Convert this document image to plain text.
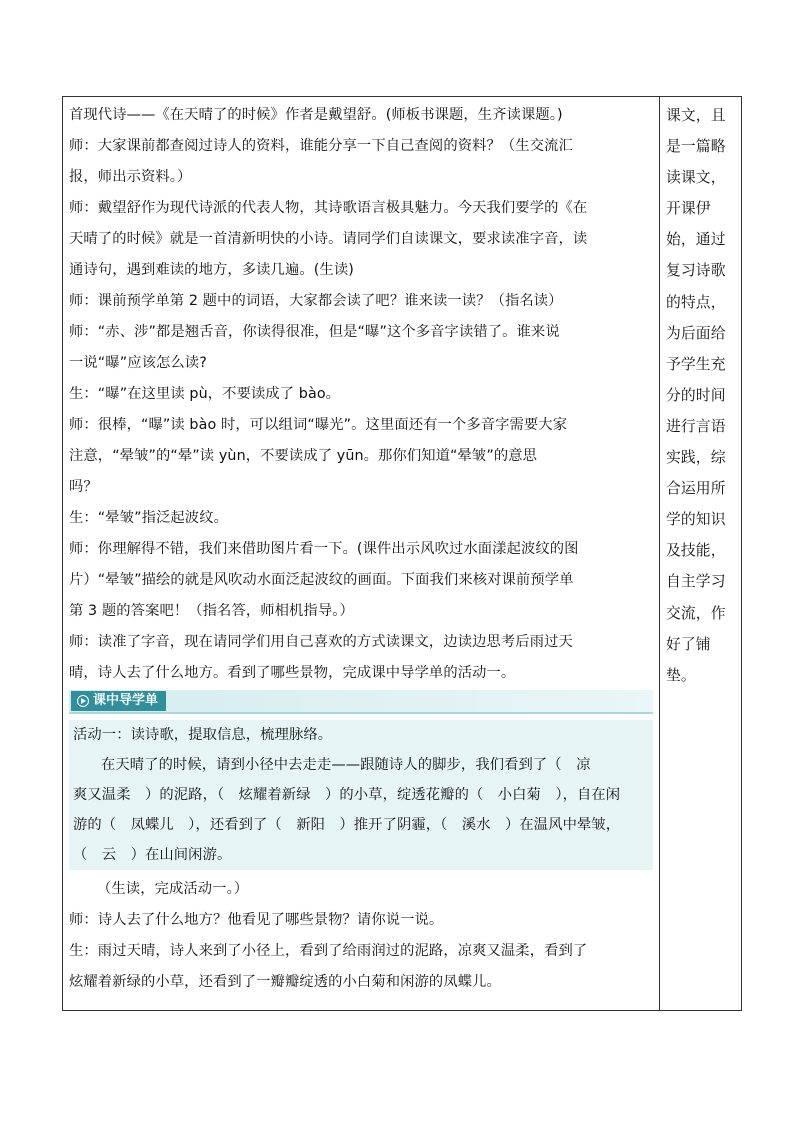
首现代诗——《在天晴了的时候》作者是戴望舒。(师板书课题，生齐读课题。)
师：大家课前都查阅过诗人的资料，谁能分享一下自己查阅的资料？（生交流汇
报，师出示资料。）
师：戴望舒作为现代诗派的代表人物，其诗歌语言极具魅力。今天我们要学的《在
天晴了的时候》就是一首清新明快的小诗。请同学们自读课文，要求读准字音，读
通诗句，遇到难读的地方，多读几遍。(生读)
师：课前预学单第 2 题中的词语，大家都会读了吧？谁来读一读？（指名读）
师：“赤、涉”都是翘舌音，你读得很准，但是“曝”这个多音字读错了。谁来说
一说“曝”应该怎么读?
生：“曝”在这里读 pù，不要读成了 bào。
师：很棒，“曝”读 bào 时，可以组词“曝光”。这里面还有一个多音字需要大家
注意，“晕皱”的“晕”读 yùn，不要读成了 yūn。那你们知道“晕皱”的意思
吗？
生：“晕皱”指泛起波纹。
师：你理解得不错，我们来借助图片看一下。(课件出示风吹过水面漾起波纹的图
片）“晕皱”描绘的就是风吹动水面泛起波纹的画面。下面我们来核对课前预学单
第 3 题的答案吧！（指名答，师相机指导。）
师：读准了字音，现在请同学们用自己喜欢的方式读课文，边读边思考后雨过天
晴，诗人去了什么地方。看到了哪些景物，完成课中导学单的活动一。
课中导学单
活动一：读诗歌，提取信息，梳理脉络。
在天晴了的时候，请到小径中去走走——跟随诗人的脚步，我们看到了（　凉
爽又温柔　）的泥路，（　炫耀着新绿　）的小草，绽透花瓣的（　小白菊　），自在闲
游的（　凤蝶儿　），还看到了（　新阳　）推开了阴霾，（　溪水　）在温风中晕皱，
（　云　）在山间闲游。
（生读，完成活动一。）
师：诗人去了什么地方？他看见了哪些景物？请你说一说。
生：雨过天晴，诗人来到了小径上，看到了给雨润过的泥路，凉爽又温柔，看到了
炫耀着新绿的小草，还看到了一瓣瓣绽透的小白菊和闲游的凤蝶儿。
课文，且
是一篇略
读课文，
开课伊
始，通过
复习诗歌
的特点，
为后面给
予学生充
分的时间
进行言语
实践，综
合运用所
学的知识
及技能，
自主学习
交流，作
好了铺
垫。
